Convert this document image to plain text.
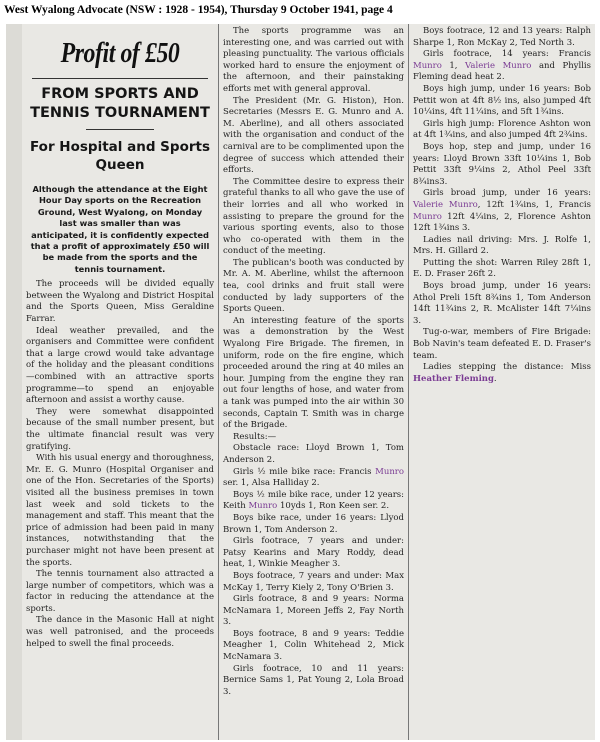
West Wyalong Advocate (NSW : 1928 - 1954), Thursday 9 October 1941, page 4
Profit of £50
FROM SPORTS AND TENNIS TOURNAMENT
For Hospital and Sports Queen
Although the attendance at the Eight Hour Day sports on the Recreation Ground, West Wyalong, on Monday last was smaller than was anticipated, it is confidently expected that a profit of approximately £50 will be made from the sports and the tennis tournament.

The proceeds will be divided equally between the Wyalong and District Hospital and the Sports Queen, Miss Geraldine Farrar.

Ideal weather prevailed, and the organisers and Committee were confident that a large crowd would take advantage of the holiday and the pleasant conditions—combined with an attractive sports programme—to spend an enjoyable afternoon and assist a worthy cause.

They were somewhat disappointed because of the small number present, but the ultimate financial result was very gratifying.

With his usual energy and thoroughness, Mr. E. G. Munro (Hospital Organiser and one of the Hon. Secretaries of the Sports) visited all the business premises in town last week and sold tickets to the management and staff. This meant that the price of admission had been paid in many instances, notwithstanding that the purchaser might not have been present at the sports.

The tennis tournament also attracted a large number of competitors, which was a factor in reducing the attendance at the sports.

The dance in the Masonic Hall at night was well patronised, and the proceeds helped to swell the final proceeds.

The sports programme was an interesting one, and was carried out with pleasing punctuality. The various officials worked hard to ensure the enjoyment of the afternoon, and their painstaking efforts met with general approval.

The President (Mr. G. Histon), Hon. Secretaries (Messrs E. G. Munro and A. M. Aberline), and all others associated with the organisation and conduct of the carnival are to be complimented upon the degree of success which attended their efforts.

The Committee desire to express their grateful thanks to all who gave the use of their lorries and all who worked in assisting to prepare the ground for the various sporting events, also to those who co-operated with them in the conduct of the meeting.

The publican's booth was conducted by Mr. A. M. Aberline, whilst the afternoon tea, cool drinks and fruit stall were conducted by lady supporters of the Sports Queen.

An interesting feature of the sports was a demonstration by the West Wyalong Fire Brigade. The firemen, in uniform, rode on the fire engine, which proceeded around the ring at 40 miles an hour. Jumping from the engine they ran out four lengths of hose, and water from a tank was pumped into the air within 30 seconds, Captain T. Smith was in charge of the Brigade.

Results:—

Obstacle race: Lloyd Brown 1, Tom Anderson 2.

Girls ½ mile bike race: Francis Munro ser. 1, Alsa Halliday 2.

Boys ½ mile bike race, under 12 years: Keith Munro 10yds 1, Ron Keen ser. 2.

Boys bike race, under 16 years: Llyod Brown 1, Tom Anderson 2.

Girls footrace, 7 years and under: Patsy Kearins and Mary Roddy, dead heat, 1, Winkie Meagher 3.

Boys footrace, 7 years and under: Max McKay 1, Terry Kiely 2, Tony O'Brien 3.

Girls footrace, 8 and 9 years: Norma McNamara 1, Moreen Jeffs 2, Fay North 3.

Boys footrace, 8 and 9 years: Teddie Meagher 1, Colin Whitehead 2, Mick McNamara 3.

Girls footrace, 10 and 11 years: Bernice Sams 1, Pat Young 2, Lola Broad 3.

Boys footrace, 12 and 13 years: Ralph Sharpe 1, Ron McKay 2, Ted North 3.

Girls footrace, 14 years: Francis Munro 1, Valerie Munro and Phyllis Fleming dead heat 2.

Boys high jump, under 16 years: Bob Pettit won at 4ft 8½ ins, also jumped 4ft 10¼ins, 4ft 11¼ins, and 5ft 1¾ins.

Girls high jump: Florence Ashton won at 4ft 1¾ins, and also jumped 4ft 2¾ins.

Boys hop, step and jump, under 16 years: Lloyd Brown 33ft 10¼ins 1, Bob Pettit 33ft 9¼ins 2, Athol Peel 33ft 8¾ins3.

Girls broad jump, under 16 years: Valerie Munro, 12ft 1¾ins, 1, Francis Munro 12ft 4¼ins, 2, Florence Ashton 12ft 1¾ins 3.

Ladies nail driving: Mrs. J. Rolfe 1, Mrs. H. Gillard 2.

Putting the shot: Warren Riley 28ft 1, E. D. Fraser 26ft 2.

Boys broad jump, under 16 years: Athol Preli 15ft 8¾ins 1, Tom Anderson 14ft 11¾ins 2, R. McAlister 14ft 7¼ins 3.

Tug-o-war, members of Fire Brigade: Bob Navin's team defeated E. D. Fraser's team.

Ladies stepping the distance: Miss Heather Fleming.
